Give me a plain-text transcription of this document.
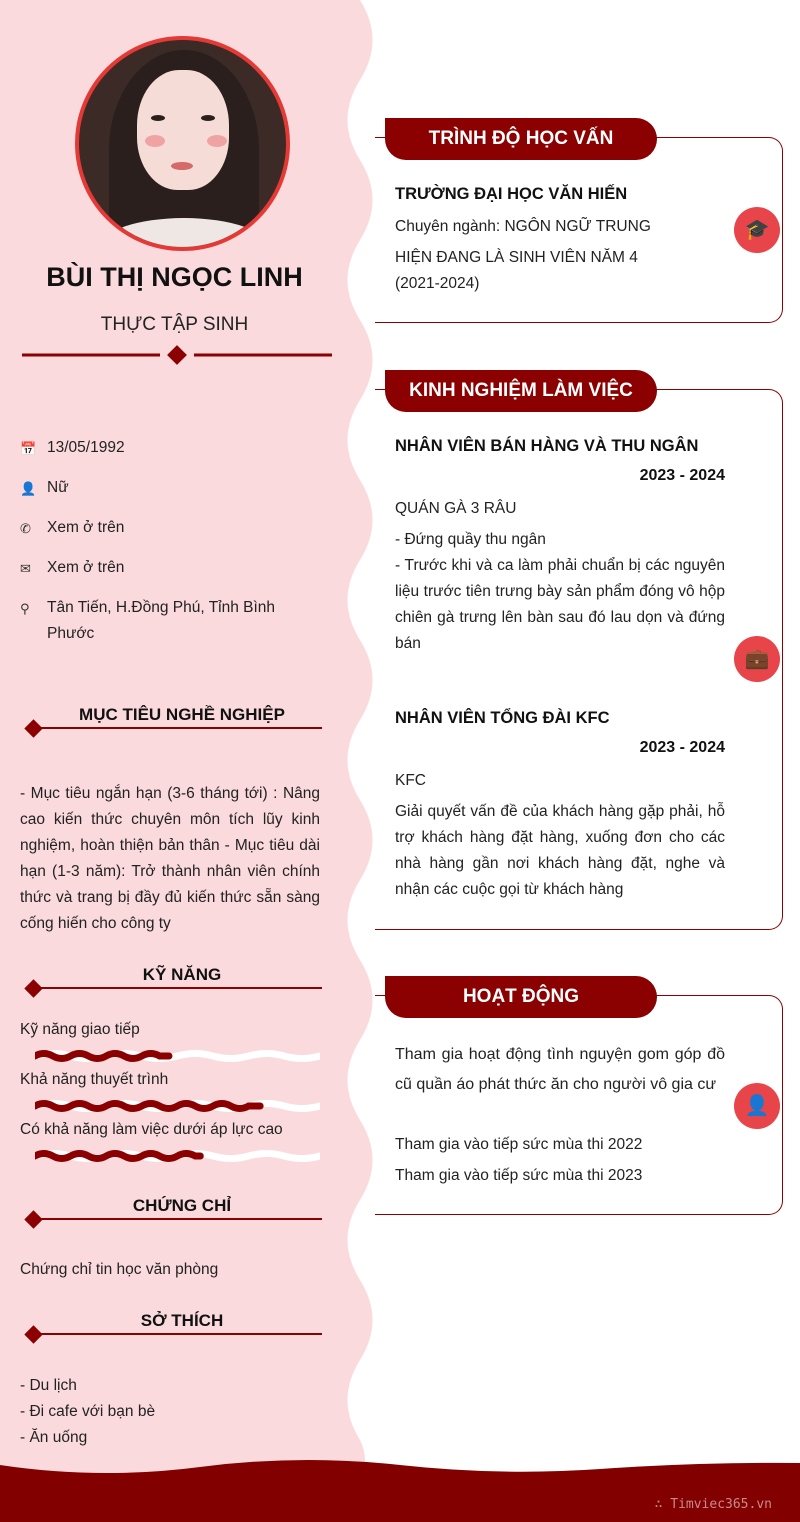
BÙI THỊ NGỌC LINH
THỰC TẬP SINH
📅 13/05/1992
👤 Nữ
✆	Xem ở trên
✉	Xem ở trên
⚲	Tân Tiến, H.Đồng Phú, Tỉnh Bình Phước
MỤC TIÊU NGHỀ NGHIỆP
- Mục tiêu ngắn hạn (3-6 tháng tới) : Nâng cao kiến thức chuyên môn tích lũy kinh nghiệm, hoàn thiện bản thân - Mục tiêu dài hạn (1-3 năm): Trở thành nhân viên chính thức và trang bị đầy đủ kiến thức sẵn sàng cống hiến cho công ty
KỸ NĂNG
Kỹ năng giao tiếp
Khả năng thuyết trình
Có khả năng làm việc dưới áp lực cao
CHỨNG CHỈ
Chứng chỉ tin học văn phòng
SỞ THÍCH
- Du lịch
- Đi cafe với bạn bè
- Ăn uống
TRÌNH ĐỘ HỌC VẤN
🎓
TRƯỜNG ĐẠI HỌC VĂN HIẾN
Chuyên ngành: NGÔN NGỮ TRUNG
HIỆN ĐANG LÀ SINH VIÊN NĂM 4 (2021-2024)
KINH NGHIỆM LÀM VIỆC
💼
NHÂN VIÊN BÁN HÀNG VÀ THU NGÂN
2023 - 2024
QUÁN GÀ 3 RÂU
- Đứng quầy thu ngân
- Trước khi và ca làm phải chuẩn bị các nguyên liệu trước tiên trưng bày sản phẩm đóng vô hộp chiên gà trưng lên bàn sau đó lau dọn và đứng bán
NHÂN VIÊN TỔNG ĐÀI KFC
2023 - 2024
KFC
Giải quyết vấn đề của khách hàng gặp phải, hỗ trợ khách hàng đặt hàng, xuống đơn cho các nhà hàng gần nơi khách hàng đặt, nghe và nhận các cuộc gọi từ khách hàng
HOẠT ĐỘNG
👤
Tham gia hoạt động tình nguyện gom góp đồ cũ quần áo phát thức ăn cho người vô gia cư
Tham gia vào tiếp sức mùa thi 2022
Tham gia vào tiếp sức mùa thi 2023
∴ Timviec365.vn
